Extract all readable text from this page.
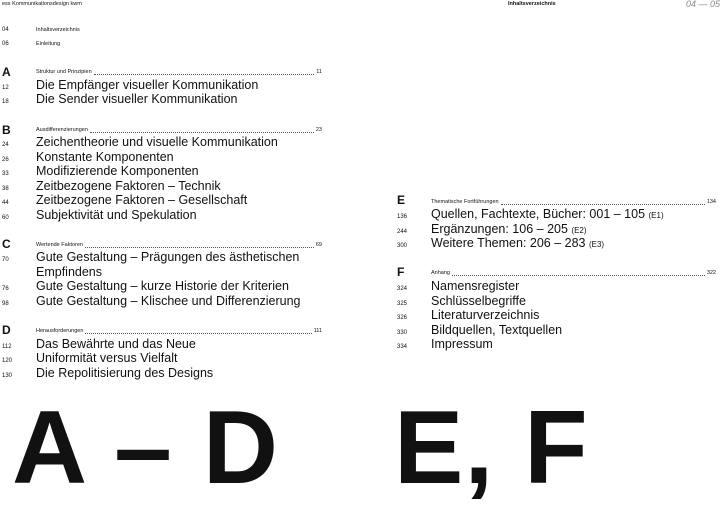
ess Kommunikationsdesign kwm	Inhaltsverzeichnis	04 — 05
04	Inhaltsverzeichnis
06	Einleitung
A	Struktur und Prinzipien	11
12 Die Empfänger visueller Kommunikation
18 Die Sender visueller Kommunikation
B	Ausdifferenzierungen	23
24 Zeichentheorie und visuelle Kommunikation
26 Konstante Komponenten
33 Modifizierende Komponenten
38 Zeitbezogene Faktoren – Technik
44 Zeitbezogene Faktoren – Gesellschaft
60 Subjektivität und Spekulation
C	Wertende Faktoren	69
70 Gute Gestaltung – Prägungen des ästhetischen
Empfindens
76 Gute Gestaltung – kurze Historie der Kriterien
98 Gute Gestaltung – Klischee und Differenzierung
D	Herausforderungen	111
112 Das Bewährte und das Neue
120 Uniformität versus Vielfalt
130 Die Repolitisierung des Designs
E	Thematische Fortführungen	134
136 Quellen, Fachtexte, Bücher: 001 – 105 (E1)
244 Ergänzungen: 106 – 205 (E2)
300 Weitere Themen: 206 – 283 (E3)
F	Anhang	322
324 Namensregister
325 Schlüsselbegriffe
326 Literaturverzeichnis
330 Bildquellen, Textquellen
334 Impressum
A – D E, F
